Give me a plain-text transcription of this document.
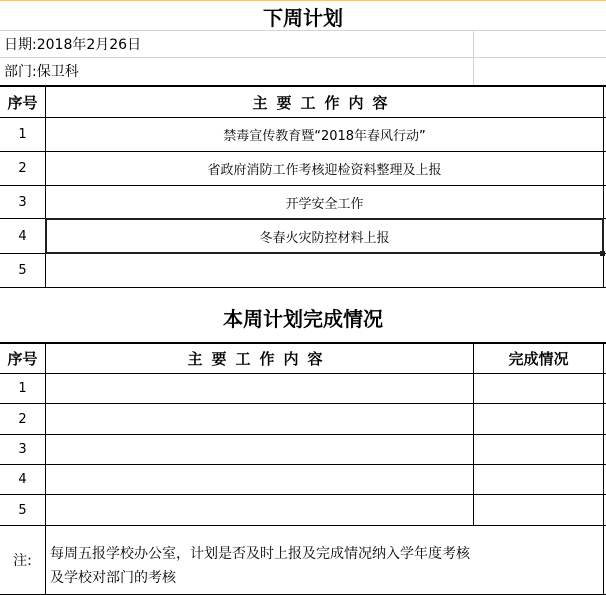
下周计划
日期: 2018年2月26日
部门: 保卫科
序号	主要工作内容
1	禁毒宣传教育暨“2018年春风行动”
2	省政府消防工作考核迎检资料整理及上报
3	开学安全工作
4	冬春火灾防控材料上报
5
本周计划完成情况
序号	主要工作内容	完成情况
1
2
3
4
5
注:	每周五报学校办公室，计划是否及时上报及完成情况纳入学年度考核
及学校对部门的考核
